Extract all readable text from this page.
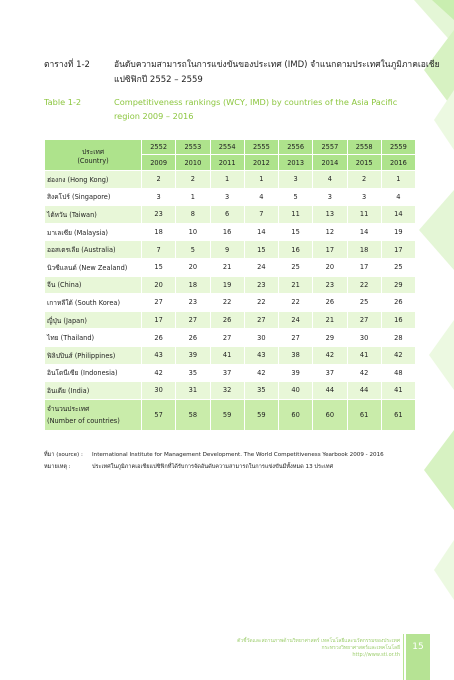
ตารางที่ 1-2	อันดับความสามารถในการแข่งขันของประเทศ (IMD) จำแนกตามประเทศในภูมิภาคเอเชียแปซิฟิกปี 2552 – 2559
Table 1-2	Competitiveness rankings (WCY, IMD) by countries of the Asia Pacific region 2009 – 2016
ประเทศ
(Country)	2552	2553	2554	2555	2556	2557	2558	2559
	2009	2010	2011	2012	2013	2014	2015	2016
ฮ่องกง (Hong Kong)	2	2	1	1	3	4	2	1
สิงคโปร์ (Singapore)	3	1	3	4	5	3	3	4
ไต้หวัน (Taiwan)	23	8	6	7	11	13	11	14
มาเลเซีย (Malaysia)	18	10	16	14	15	12	14	19
ออสเตรเลีย (Australia)	7	5	9	15	16	17	18	17
นิวซีแลนด์ (New Zealand)	15	20	21	24	25	20	17	25
จีน (China)	20	18	19	23	21	23	22	29
เกาหลีใต้ (South Korea)	27	23	22	22	22	26	25	26
ญี่ปุ่น (Japan)	17	27	26	27	24	21	27	16
ไทย (Thailand)	26	26	27	30	27	29	30	28
ฟิลิปปินส์ (Philippines)	43	39	41	43	38	42	41	42
อินโดนีเซีย (Indonesia)	42	35	37	42	39	37	42	48
อินเดีย (India)	30	31	32	35	40	44	44	41

จำนวนประเทศ
(Number of countries)	57	58	59	59	60	60	61	61
ที่มา (source) : International Institute for Management Development. The World Competitiveness Yearbook 2009 - 2016
หมายเหตุ :	ประเทศในภูมิภาคเอเชียแปซิฟิกที่ได้รับการจัดอันดับความสามารถในการแข่งขันมีทั้งหมด 13 ประเทศ
ตัวชี้วัดและสถานภาพด้านวิทยาศาสตร์ เทคโนโลยีและนวัตกรรมของประเทศ
กระทรวงวิทยาศาสตร์และเทคโนโลยี
http://www.sti.or.th
15
